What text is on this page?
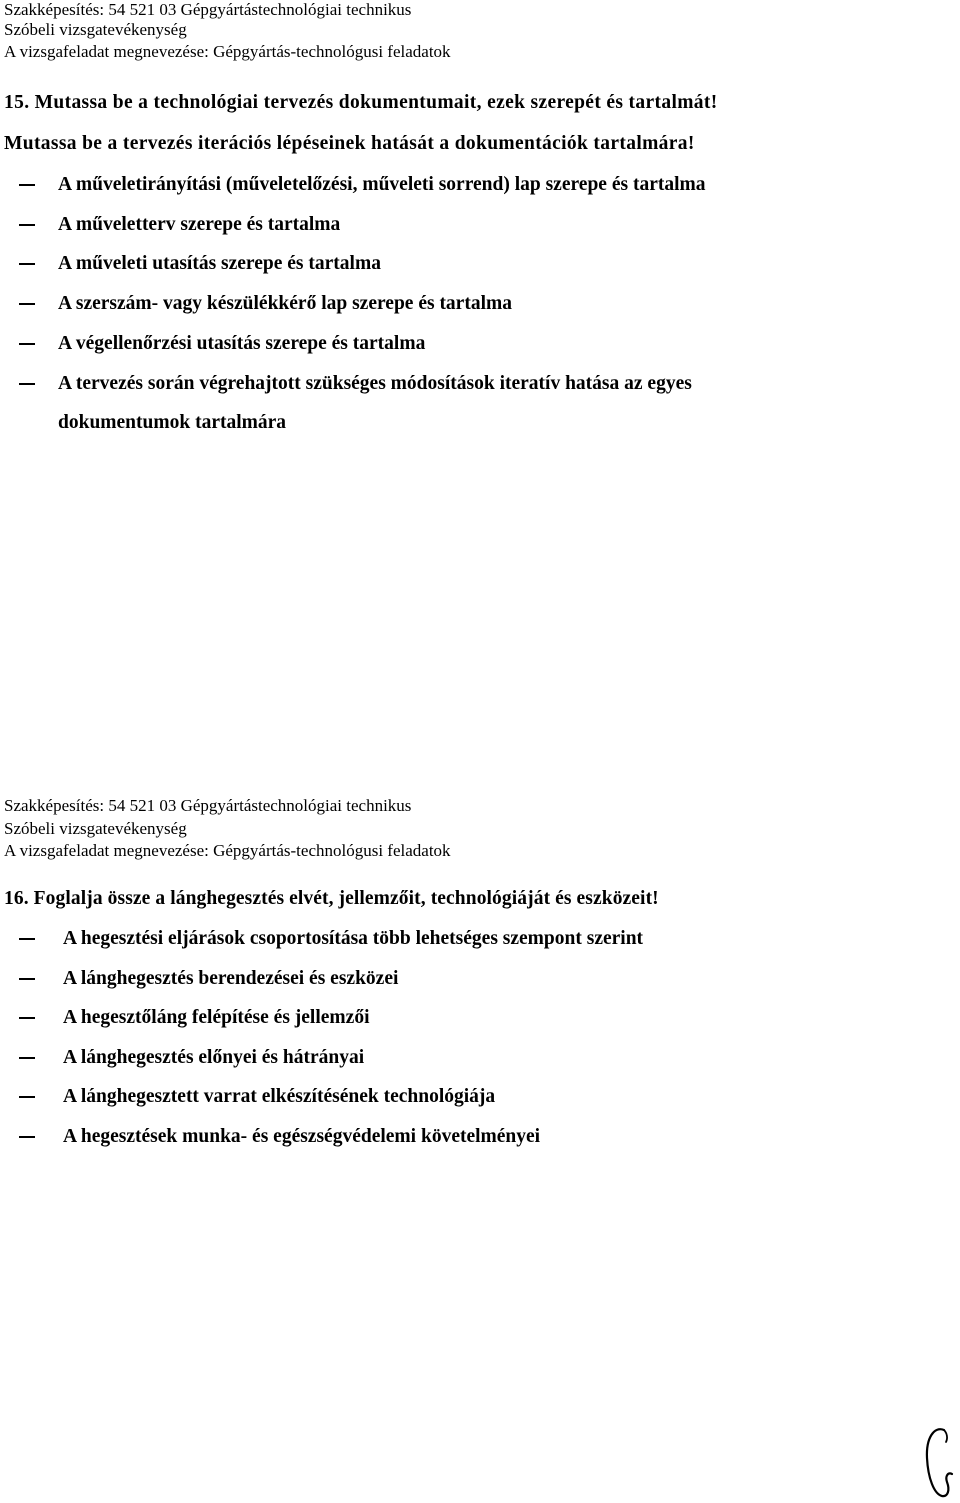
Szakképesítés: 54 521 03 Gépgyártástechnológiai technikus
Szóbeli vizsgatevékenység
A vizsgafeladat megnevezése: Gépgyártás-technológusi feladatok
15. Mutassa be a technológiai tervezés dokumentumait, ezek szerepét és tartalmát!
Mutassa be a tervezés iterációs lépéseinek hatását a dokumentációk tartalmára!
A műveletirányítási (műveletelőzési, műveleti sorrend) lap szerepe és tartalma
A műveletterv szerepe és tartalma
A műveleti utasítás szerepe és tartalma
A szerszám- vagy készülékkérő lap szerepe és tartalma
A végellenőrzési utasítás szerepe és tartalma
A tervezés során végrehajtott szükséges módosítások iteratív hatása az egyes
dokumentumok tartalmára
Szakképesítés: 54 521 03 Gépgyártástechnológiai technikus
Szóbeli vizsgatevékenység
A vizsgafeladat megnevezése: Gépgyártás-technológusi feladatok
16. Foglalja össze a lánghegesztés elvét, jellemzőit, technológiáját és eszközeit!
A hegesztési eljárások csoportosítása több lehetséges szempont szerint
A lánghegesztés berendezései és eszközei
A hegesztőláng felépítése és jellemzői
A lánghegesztés előnyei és hátrányai
A lánghegesztett varrat elkészítésének technológiája
A hegesztések munka- és egészségvédelemi követelményei
